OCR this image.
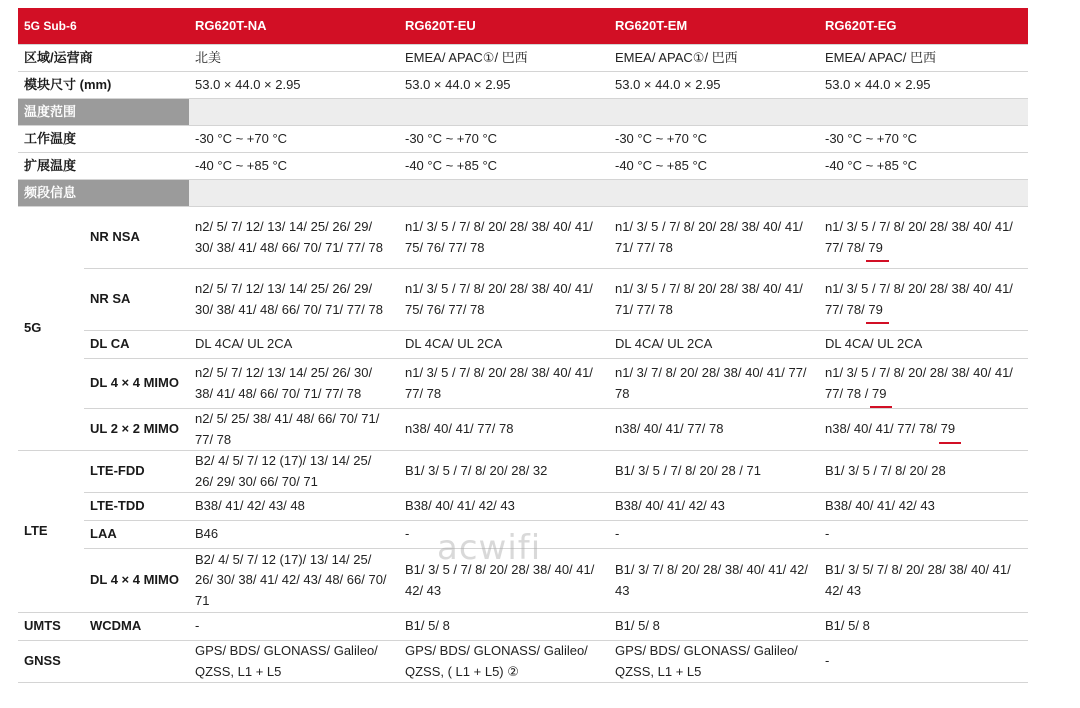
5G Sub-6		RG620T-NA	RG620T-EU	RG620T-EM	RG620T-EG
区域/运营商		北美	EMEA/ APAC①/ 巴西	EMEA/ APAC①/ 巴西	EMEA/ APAC/ 巴西
模块尺寸 (mm)		53.0 × 44.0 × 2.95	53.0 × 44.0 × 2.95	53.0 × 44.0 × 2.95	53.0 × 44.0 × 2.95
温度范围					
工作温度		-30 °C ~ +70 °C	-30 °C ~ +70 °C	-30 °C ~ +70 °C	-30 °C ~ +70 °C
扩展温度		-40 °C ~ +85 °C	-40 °C ~ +85 °C	-40 °C ~ +85 °C	-40 °C ~ +85 °C
频段信息					
5G	NR NSA	n2/ 5/ 7/ 12/ 13/ 14/ 25/ 26/ 29/ 30/ 38/ 41/ 48/ 66/ 70/ 71/ 77/ 78	n1/ 3/ 5 / 7/ 8/ 20/ 28/ 38/ 40/ 41/ 75/ 76/ 77/ 78	n1/ 3/ 5 / 7/ 8/ 20/ 28/ 38/ 40/ 41/ 71/ 77/ 78	n1/ 3/ 5 / 7/ 8/ 20/ 28/ 38/ 40/ 41/ 77/ 78/ 79
	NR SA	n2/ 5/ 7/ 12/ 13/ 14/ 25/ 26/ 29/ 30/ 38/ 41/ 48/ 66/ 70/ 71/ 77/ 78	n1/ 3/ 5 / 7/ 8/ 20/ 28/ 38/ 40/ 41/ 75/ 76/ 77/ 78	n1/ 3/ 5 / 7/ 8/ 20/ 28/ 38/ 40/ 41/ 71/ 77/ 78	n1/ 3/ 5 / 7/ 8/ 20/ 28/ 38/ 40/ 41/ 77/ 78/ 79
	DL CA	DL 4CA/ UL 2CA	DL 4CA/ UL 2CA	DL 4CA/ UL 2CA	DL 4CA/ UL 2CA
	DL 4 × 4 MIMO	n2/ 5/ 7/ 12/ 13/ 14/ 25/ 26/ 30/ 38/ 41/ 48/ 66/ 70/ 71/ 77/ 78	n1/ 3/ 5 / 7/ 8/ 20/ 28/ 38/ 40/ 41/ 77/ 78	n1/ 3/ 7/ 8/ 20/ 28/ 38/ 40/ 41/ 77/ 78	n1/ 3/ 5 / 7/ 8/ 20/ 28/ 38/ 40/ 41/ 77/ 78 / 79
	UL 2 × 2 MIMO	n2/ 5/ 25/ 38/ 41/ 48/ 66/ 70/ 71/ 77/ 78	n38/ 40/ 41/ 77/ 78	n38/ 40/ 41/ 77/ 78	n38/ 40/ 41/ 77/ 78/ 79
LTE	LTE-FDD	B2/ 4/ 5/ 7/ 12 (17)/ 13/ 14/ 25/ 26/ 29/ 30/ 66/ 70/ 71	B1/ 3/ 5 / 7/ 8/ 20/ 28/ 32	B1/ 3/ 5 / 7/ 8/ 20/ 28 / 71	B1/ 3/ 5 / 7/ 8/ 20/ 28
	LTE-TDD	B38/ 41/ 42/ 43/ 48	B38/ 40/ 41/ 42/ 43	B38/ 40/ 41/ 42/ 43	B38/ 40/ 41/ 42/ 43
	LAA	B46	-	-	-
	DL 4 × 4 MIMO	B2/ 4/ 5/ 7/ 12 (17)/ 13/ 14/ 25/ 26/ 30/ 38/ 41/ 42/ 43/ 48/ 66/ 70/ 71	B1/ 3/ 5 / 7/ 8/ 20/ 28/ 38/ 40/ 41/ 42/ 43	B1/ 3/ 7/ 8/ 20/ 28/ 38/ 40/ 41/ 42/ 43	B1/ 3/ 5/ 7/ 8/ 20/ 28/ 38/ 40/ 41/ 42/ 43
UMTS	WCDMA	-	B1/ 5/ 8	B1/ 5/ 8	B1/ 5/ 8
GNSS		GPS/ BDS/ GLONASS/ Galileo/ QZSS, L1 + L5	GPS/ BDS/ GLONASS/ Galileo/ QZSS, ( L1 + L5) ②	GPS/ BDS/ GLONASS/ Galileo/ QZSS, L1 + L5	-
acwifi
